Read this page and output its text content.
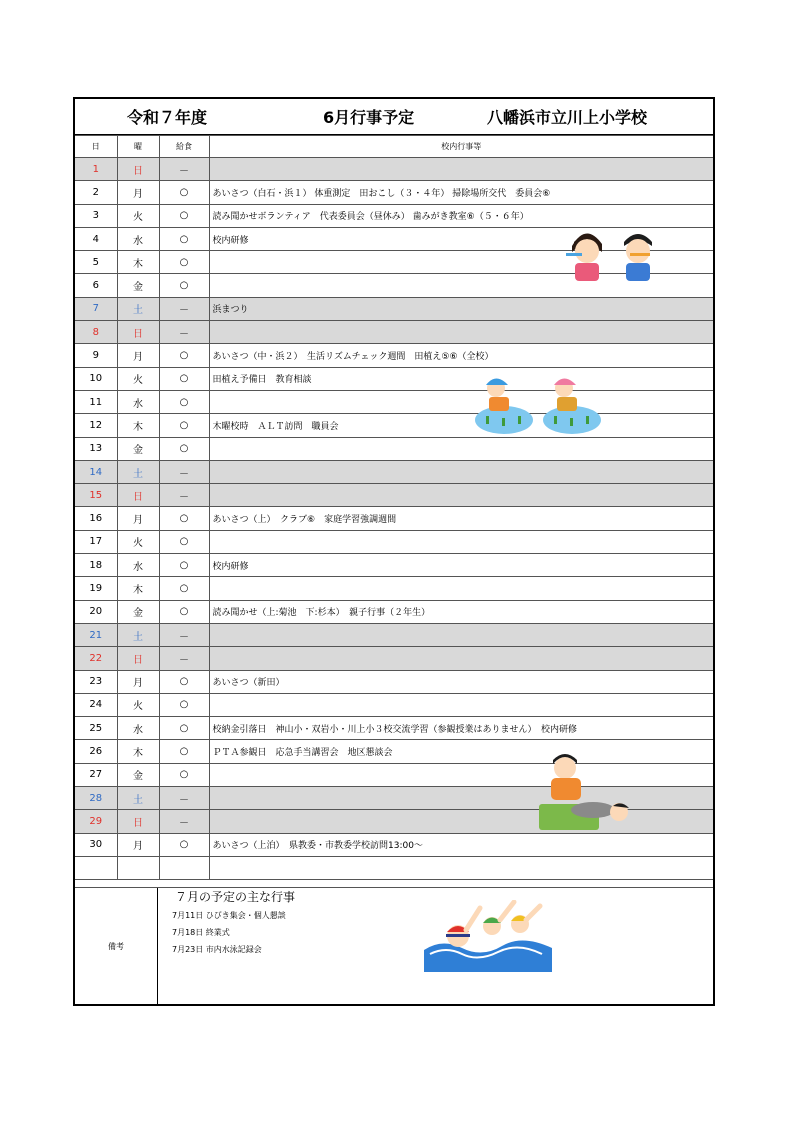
令和７年度	6月行事予定	八幡浜市立川上小学校
日	曜	給食	校内行事等
1	日	－	
2	月	○	あいさつ（白石・浜１） 体重測定　田おこし（３・４年） 掃除場所交代　委員会⑥
3	火	○	読み聞かせボランティア　代表委員会（昼休み） 歯みがき教室⑥（５・６年）
4	水	○	校内研修
5	木	○	
6	金	○	
7	土	－	浜まつり
8	日	－	
9	月	○	あいさつ（中・浜２）　生活リズムチェック週間　田植え⑤⑥（全校）
10	火	○	田植え予備日　教育相談
11	水	○	
12	木	○	木曜校時　ＡＬＴ訪問　職員会
13	金	○	
14	土	－	
15	日	－	
16	月	○	あいさつ（上）　クラブ⑥　家庭学習強調週間
17	火	○	
18	水	○	校内研修
19	木	○	
20	金	○	読み聞かせ（上:菊池　下:杉本）　親子行事（２年生）
21	土	－	
22	日	－	
23	月	○	あいさつ（新田）
24	火	○	
25	水	○	校納金引落日　神山小・双岩小・川上小３校交流学習（参観授業はありません）　校内研修
26	木	○	ＰＴＡ参観日　応急手当講習会　地区懇談会
27	金	○	
28	土	－	
29	日	－	
30	月	○	あいさつ（上泊）　県教委・市教委学校訪問13:00～

備考
７月の予定の主な行事
7月11日 ひびき集会・個人懇談
7月18日 終業式
7月23日 市内水泳記録会
